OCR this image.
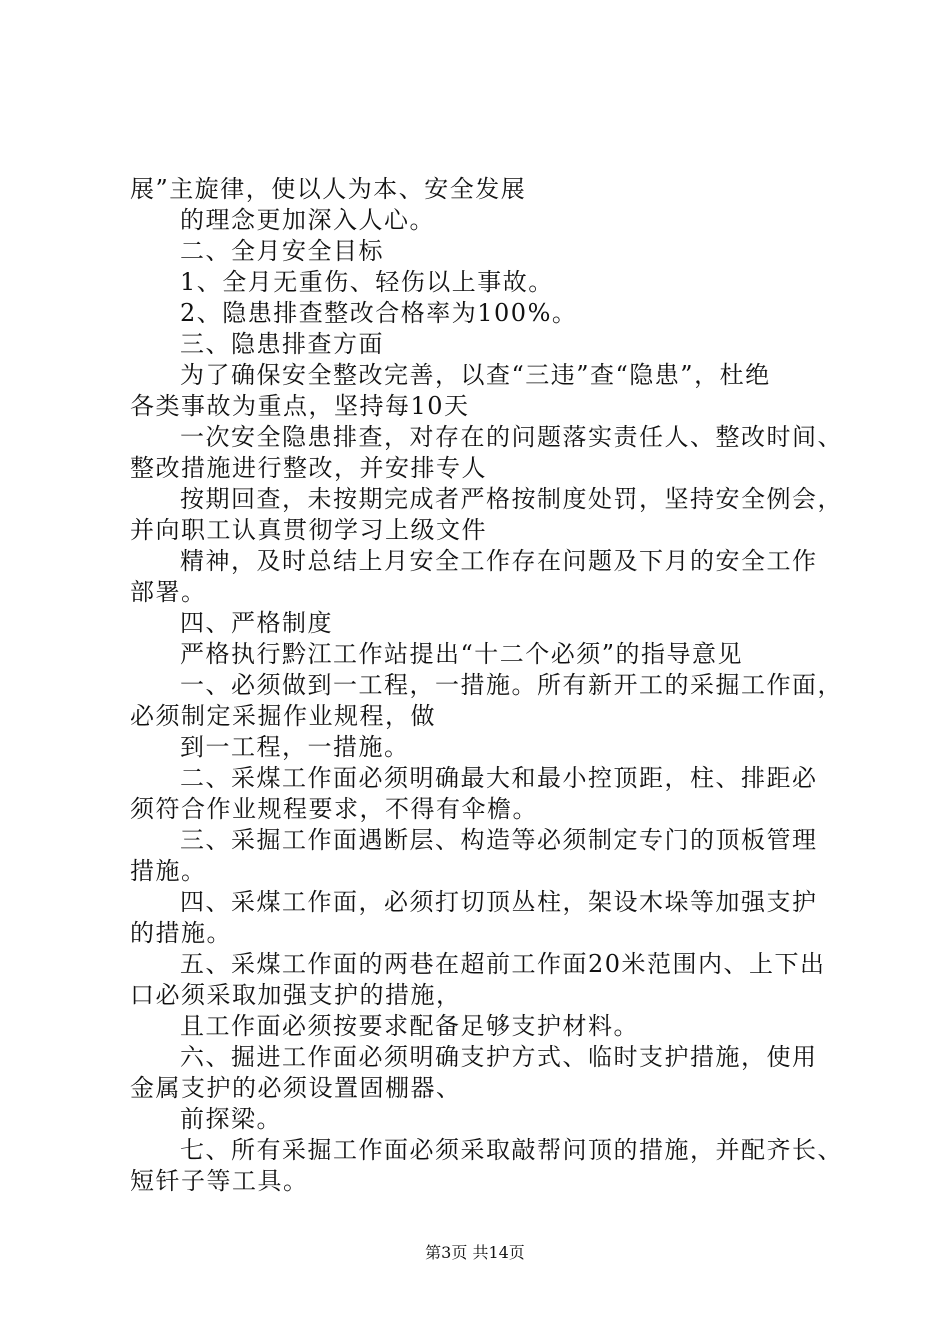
展”主旋律，使以人为本、安全发展
的理念更加深入人心。
二、全月安全目标
1、全月无重伤、轻伤以上事故。
2、隐患排查整改合格率为100%。
三、隐患排查方面
为了确保安全整改完善，以查“三违”查“隐患”，杜绝
各类事故为重点，坚持每10天
一次安全隐患排查，对存在的问题落实责任人、整改时间、
整改措施进行整改，并安排专人
按期回查，未按期完成者严格按制度处罚，坚持安全例会，
并向职工认真贯彻学习上级文件
精神，及时总结上月安全工作存在问题及下月的安全工作
部署。
四、严格制度
严格执行黔江工作站提出“十二个必须”的指导意见
一、必须做到一工程，一措施。所有新开工的采掘工作面，
必须制定采掘作业规程，做
到一工程，一措施。
二、采煤工作面必须明确最大和最小控顶距，柱、排距必
须符合作业规程要求，不得有伞檐。
三、采掘工作面遇断层、构造等必须制定专门的顶板管理
措施。
四、采煤工作面，必须打切顶丛柱，架设木垛等加强支护
的措施。
五、采煤工作面的两巷在超前工作面20米范围内、上下出
口必须采取加强支护的措施，
且工作面必须按要求配备足够支护材料。
六、掘进工作面必须明确支护方式、临时支护措施，使用
金属支护的必须设置固棚器、
前探梁。
七、所有采掘工作面必须采取敲帮问顶的措施，并配齐长、
短钎子等工具。
第3页 共14页
